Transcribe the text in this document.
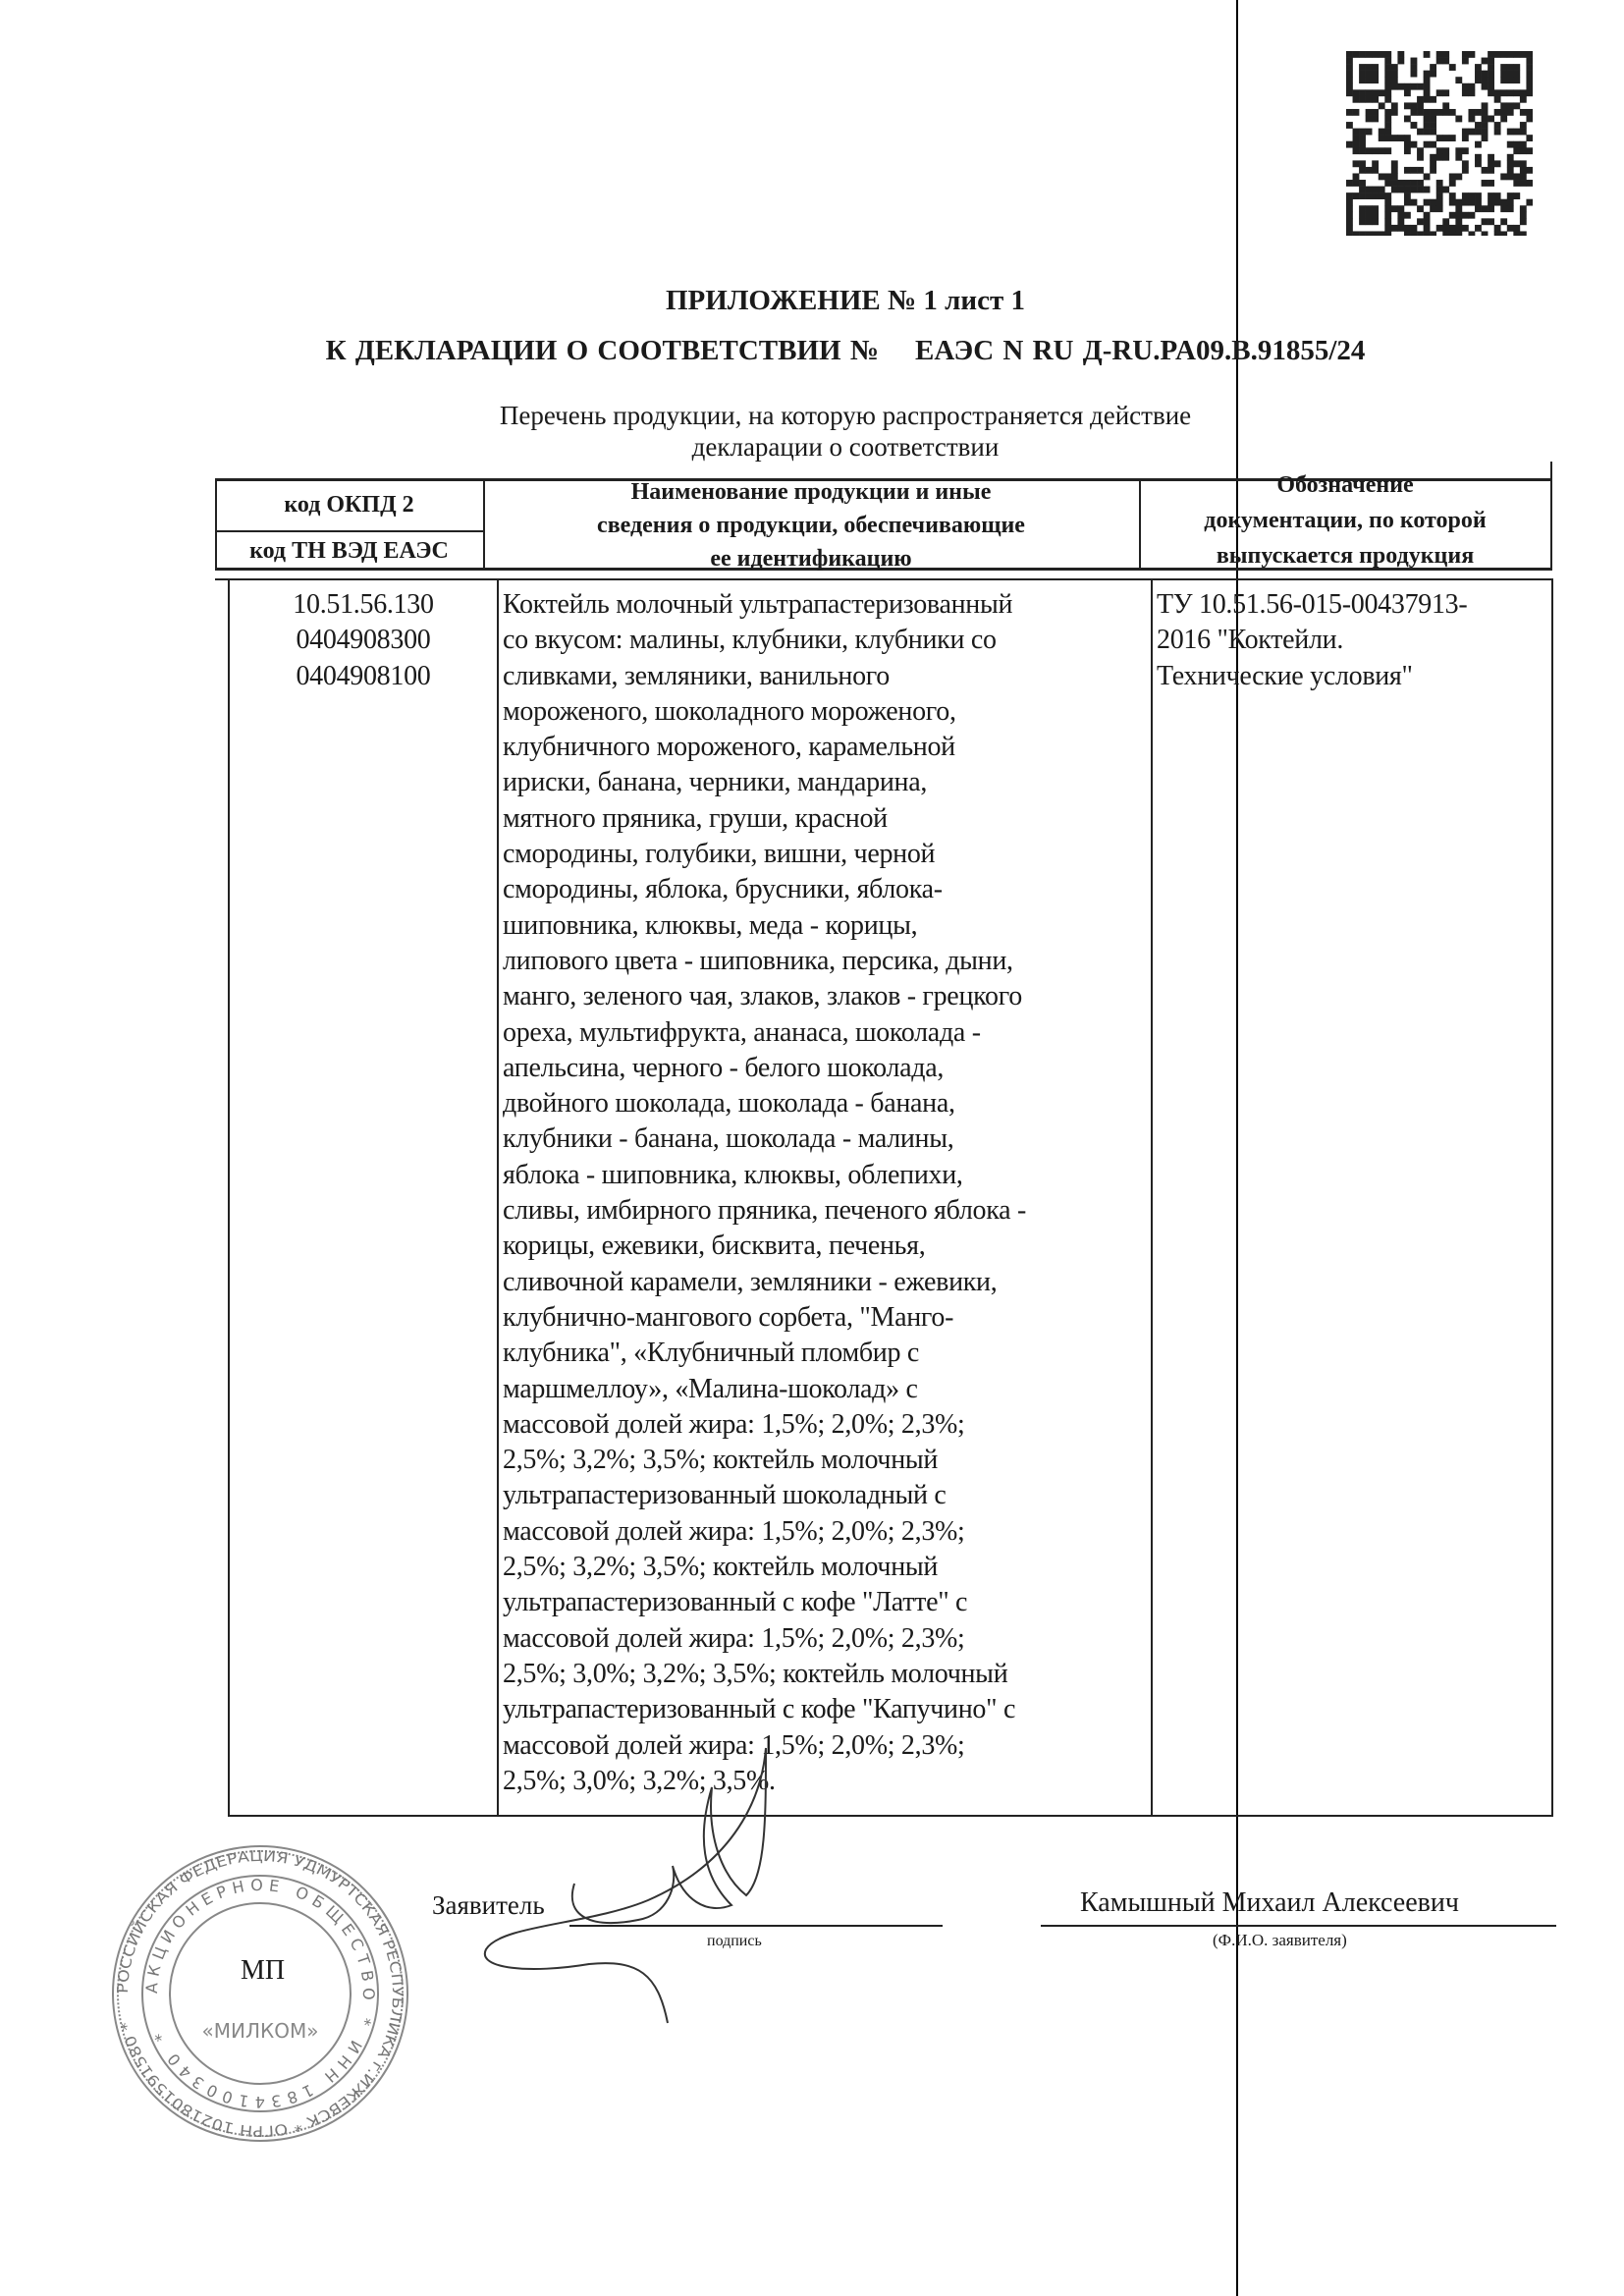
ПРИЛОЖЕНИЕ № 1 лист 1
К ДЕКЛАРАЦИИ О СООТВЕТСТВИИ № ЕАЭС N RU Д-RU.PA09.B.91855/24
Перечень продукции, на которую распространяется действие
декларации о соответствии
код ОКПД 2
код ТН ВЭД ЕАЭС
Наименование продукции и иные
сведения о продукции, обеспечивающие
ее идентификацию
Обозначение
документации, по которой
выпускается продукция
10.51.56.130
0404908300
0404908100
Коктейль молочный ультрапастеризованный
со вкусом: малины, клубники, клубники со
сливками, земляники, ванильного
мороженого, шоколадного мороженого,
клубничного мороженого, карамельной
ириски, банана, черники, мандарина,
мятного пряника, груши, красной
смородины, голубики, вишни, черной
смородины, яблока, брусники, яблока-
шиповника, клюквы, меда - корицы,
липового цвета - шиповника, персика, дыни,
манго, зеленого чая, злаков, злаков - грецкого
ореха, мультифрукта, ананаса, шоколада -
апельсина, черного - белого шоколада,
двойного шоколада, шоколада - банана,
клубники - банана, шоколада - малины,
яблока - шиповника, клюквы, облепихи,
сливы, имбирного пряника, печеного яблока -
корицы, ежевики, бисквита, печенья,
сливочной карамели, земляники - ежевики,
клубнично-мангового сорбета, "Манго-
клубника", «Клубничный пломбир с
маршмеллоу», «Малина-шоколад» с
массовой долей жира: 1,5%; 2,0%; 2,3%;
2,5%; 3,2%; 3,5%; коктейль молочный
ультрапастеризованный шоколадный с
массовой долей жира: 1,5%; 2,0%; 2,3%;
2,5%; 3,2%; 3,5%; коктейль молочный
ультрапастеризованный с кофе "Латте" с
массовой долей жира: 1,5%; 2,0%; 2,3%;
2,5%; 3,0%; 3,2%; 3,5%; коктейль молочный
ультрапастеризованный с кофе "Капучино" с
массовой долей жира: 1,5%; 2,0%; 2,3%;
2,5%; 3,0%; 3,2%; 3,5%.
ТУ 10.51.56-015-00437913-
2016 "Коктейли.
Технические условия"
Заявитель
подпись
Камышный Михаил Алексеевич
(Ф.И.О. заявителя)
РОССИЙСКАЯ ФЕДЕРАЦИЯ УДМУРТСКАЯ РЕСПУБЛИКА г.ИЖЕВСК * ОГРН 1021801591580 *
АКЦИОНЕРНОЕ ОБЩЕСТВО * ИНН 1834100340 *	«МИЛКОМ»
МП
